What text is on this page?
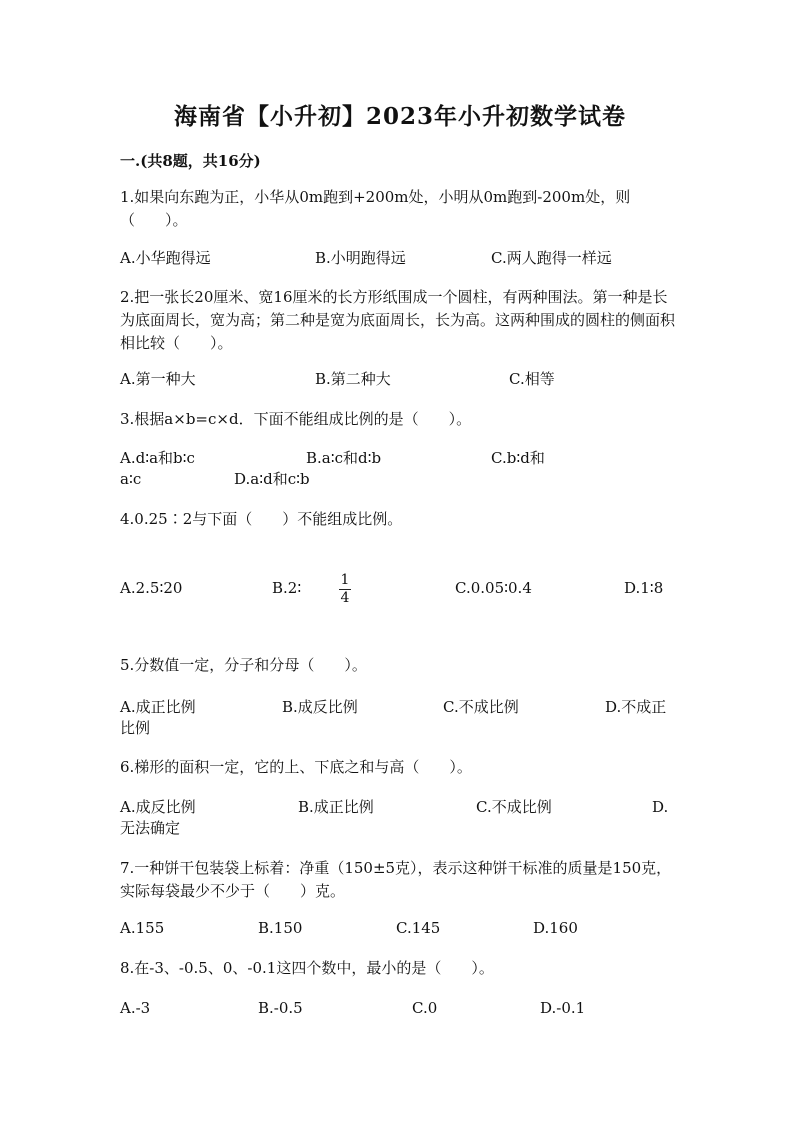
海南省【小升初】2023年小升初数学试卷
一.(共8题，共16分)
1.如果向东跑为正，小华从0m跑到+200m处，小明从0m跑到-200m处，则（　　）。
A.小华跑得远	B.小明跑得远	C.两人跑得一样远
2.把一张长20厘米、宽16厘米的长方形纸围成一个圆柱，有两种围法。第一种是长为底面周长，宽为高；第二种是宽为底面周长，长为高。这两种围成的圆柱的侧面积相比较（　　）。
A.第一种大	B.第二种大	C.相等
3.根据a×b=c×d．下面不能组成比例的是（　　）。
A.d∶a和b∶c	B.a∶c和d∶b	C.b∶d和
a∶c	D.a∶d和c∶b
4.0.25∶2与下面（　　）不能组成比例。
A.2.5∶20	B.2∶	1
4
C.0.05∶0.4	D.1∶8
5.分数值一定，分子和分母（　　）。
A.成正比例	B.成反比例	C.不成比例	D.不成正
比例
6.梯形的面积一定，它的上、下底之和与高（　　）。
A.成反比例	B.成正比例	C.不成比例	D.
无法确定
7.一种饼干包装袋上标着：净重（150±5克），表示这种饼干标准的质量是150克，实际每袋最少不少于（　　）克。
A.155	B.150	C.145	D.160
8.在-3、-0.5、0、-0.1这四个数中，最小的是（　　）。
A.-3	B.-0.5	C.0	D.-0.1
